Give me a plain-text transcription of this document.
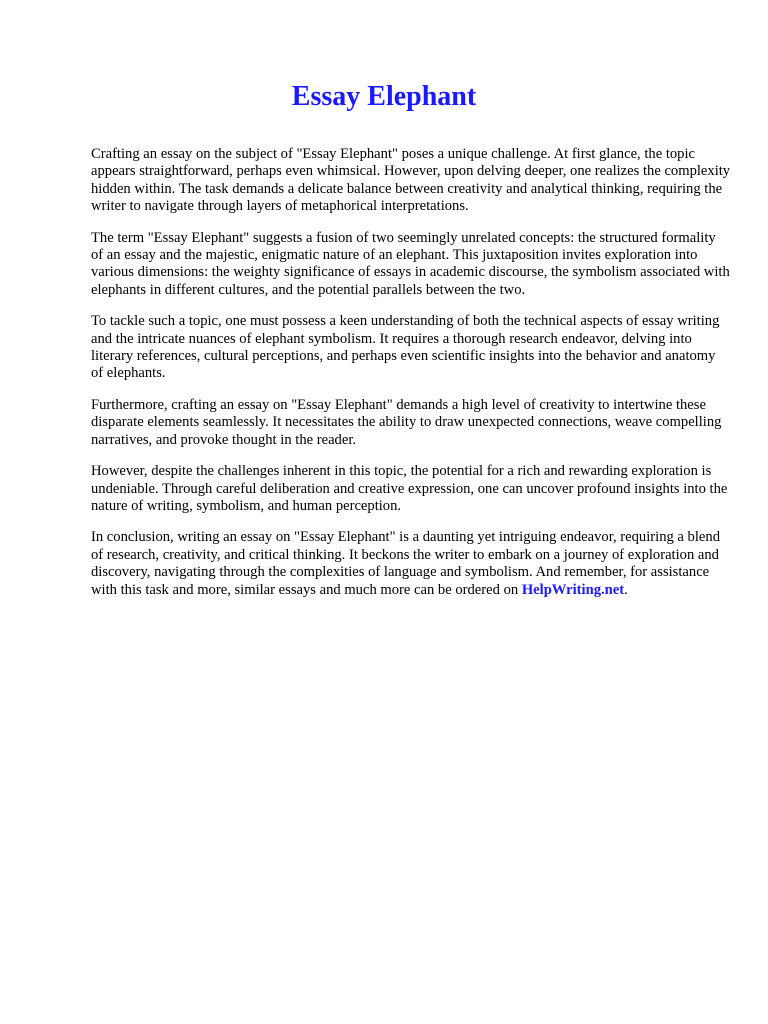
Essay Elephant

Crafting an essay on the subject of "Essay Elephant" poses a unique challenge. At first glance, the topic appears straightforward, perhaps even whimsical. However, upon delving deeper, one realizes the complexity hidden within. The task demands a delicate balance between creativity and analytical thinking, requiring the writer to navigate through layers of metaphorical interpretations.

The term "Essay Elephant" suggests a fusion of two seemingly unrelated concepts: the structured formality of an essay and the majestic, enigmatic nature of an elephant. This juxtaposition invites exploration into various dimensions: the weighty significance of essays in academic discourse, the symbolism associated with elephants in different cultures, and the potential parallels between the two.

To tackle such a topic, one must possess a keen understanding of both the technical aspects of essay writing and the intricate nuances of elephant symbolism. It requires a thorough research endeavor, delving into literary references, cultural perceptions, and perhaps even scientific insights into the behavior and anatomy of elephants.

Furthermore, crafting an essay on "Essay Elephant" demands a high level of creativity to intertwine these disparate elements seamlessly. It necessitates the ability to draw unexpected connections, weave compelling narratives, and provoke thought in the reader.

However, despite the challenges inherent in this topic, the potential for a rich and rewarding exploration is undeniable. Through careful deliberation and creative expression, one can uncover profound insights into the nature of writing, symbolism, and human perception.

In conclusion, writing an essay on "Essay Elephant" is a daunting yet intriguing endeavor, requiring a blend of research, creativity, and critical thinking. It beckons the writer to embark on a journey of exploration and discovery, navigating through the complexities of language and symbolism. And remember, for assistance with this task and more, similar essays and much more can be ordered on HelpWriting.net.
